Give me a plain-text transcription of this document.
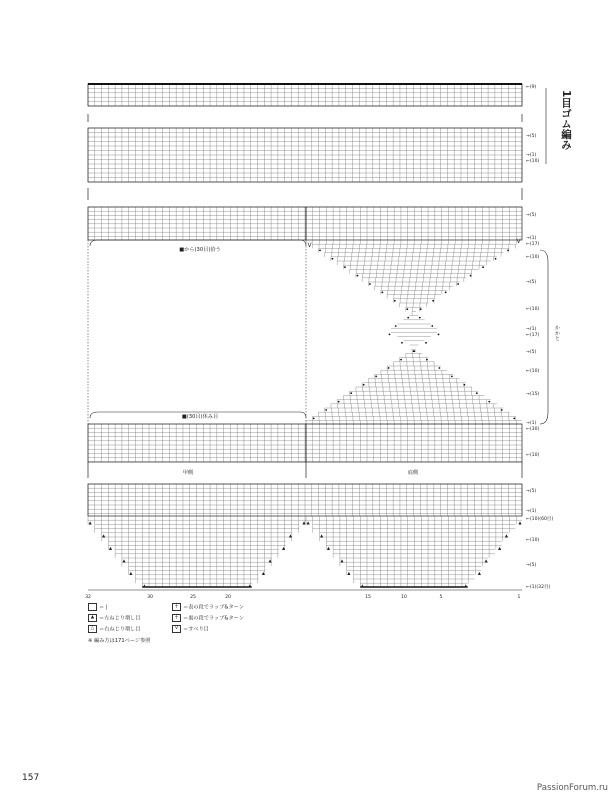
V
V
▲	▲
▲	▲
▲	▲
▲	▲
▲	▲
▲	▲
▲	▲
▲	▲
▲	▲
▲	▲
▲	▲
▲	▲
1目ゴム編み
かかと
甲側	底側
■から(30目)拾う
■(30目)休み目
←(9)
→(5)
→(1)
←(10)
→(5)
→(1)
←(17)
←(10)
→(5)
←(10)
→(1)
←(17)
→(5)
←(10)
→(15)
→(1)
←(30)
←(10)
→(5)
→(1)
←(10)(60目)
←(10)
→(5)
←(1)(32目)
32	30	25	20	15	10	5	1
＝ |
▲ ＝左ねじり増し目
△ ＝右ねじり増し目
┼ ＝表の段でラップ&ターン
┼ ＝裏の段でラップ&ターン
V ＝すべり目
※ 編み方は171ページ参照
157
PassionForum.ru
